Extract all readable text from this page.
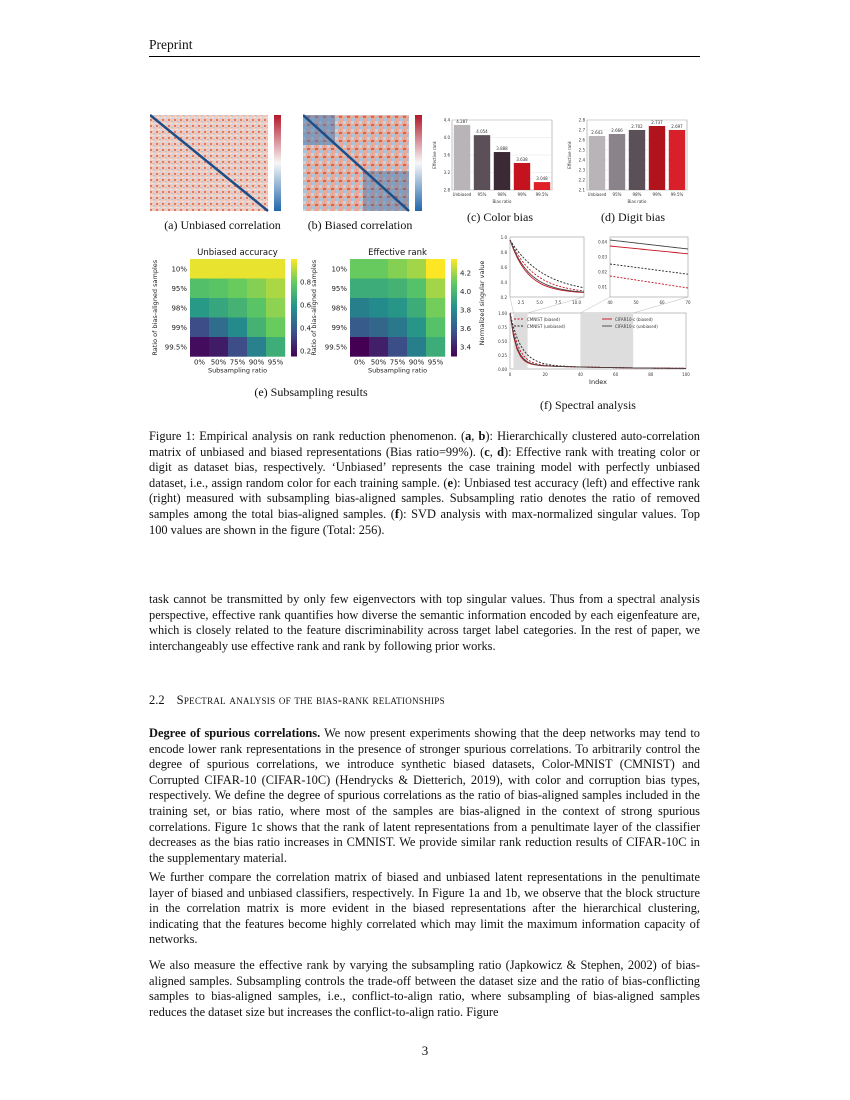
Preprint
2.8
3.2
3.6
4.0
4.4 4.287
Unbiased
4.054
95%
3.888
98%
3.638
99%
3.048
99.5%
Bias ratio
Effective rank
2.1
2.2
2.3
2.4
2.5
2.6
2.7
2.8
2.643
Unbiased
2.666
95%
2.702
98%
2.737
99%
2.697
99.5%
Bias ratio
Effective rank
(a) Unbiased correlation	(b) Biased correlation
(c) Color bias	(d) Digit bias
Unbiased accuracy
10%
95%
98%
99%
99.5%
0% 50% 75% 90% 95%
Subsampling ratio
Ratio of bias-aligned samples	0.8
0.6
0.4
0.2
Effective rank
10%
95%
98%
99%
99.5%
0% 50% 75% 90% 95%
Subsampling ratio
Ratio of bias-aligned samples	4.2
4.0
3.8
3.6
3.4
(e) Subsampling results
0.00
0.25
0.50
0.75
1.00
0	20	40	60	80	100
Index
CMNIST (biased)
CMNIST (unbiased)
CIFAR10-c (biased)
CIFAR10-c (unbiased)
1.0
0.8
0.6
0.4
0.2
2.5	5.0	7.5	10.0
0.04
0.03
0.02
0.01
40	50	60	70
Normalized singular value
(f) Spectral analysis
Figure 1: Empirical analysis on rank reduction phenomenon. (a, b): Hierarchically clustered auto-correlation matrix of unbiased and biased representations (Bias ratio=99%). (c, d): Effective rank with treating color or digit as dataset bias, respectively. ‘Unbiased’ represents the case training model with perfectly unbiased dataset, i.e., assign random color for each training sample. (e): Unbiased test accuracy (left) and effective rank (right) measured with subsampling bias-aligned samples. Subsampling ratio denotes the ratio of removed samples among the total bias-aligned samples. (f): SVD analysis with max-normalized singular values. Top 100 values are shown in the figure (Total: 256).
task cannot be transmitted by only few eigenvectors with top singular values. Thus from a spectral analysis perspective, effective rank quantifies how diverse the semantic information encoded by each eigenfeature are, which is closely related to the feature discriminability across target label categories. In the rest of paper, we interchangeably use effective rank and rank by following prior works.
2.2 Spectral analysis of the bias-rank relationships
Degree of spurious correlations. We now present experiments showing that the deep networks may tend to encode lower rank representations in the presence of stronger spurious correlations. To arbitrarily control the degree of spurious correlations, we introduce synthetic biased datasets, Color-MNIST (CMNIST) and Corrupted CIFAR-10 (CIFAR-10C) (Hendrycks & Dietterich, 2019), with color and corruption bias types, respectively. We define the degree of spurious correlations as the ratio of bias-aligned samples included in the training set, or bias ratio, where most of the samples are bias-aligned in the context of strong spurious correlations. Figure 1c shows that the rank of latent representations from a penultimate layer of the classifier decreases as the bias ratio increases in CMNIST. We provide similar rank reduction results of CIFAR-10C in the supplementary material.
We further compare the correlation matrix of biased and unbiased latent representations in the penultimate layer of biased and unbiased classifiers, respectively. In Figure 1a and 1b, we observe that the block structure in the correlation matrix is more evident in the biased representations after the hierarchical clustering, indicating that the features become highly correlated which may limit the maximum information capacity of networks.
We also measure the effective rank by varying the subsampling ratio (Japkowicz & Stephen, 2002) of bias-aligned samples. Subsampling controls the trade-off between the dataset size and the ratio of bias-conflicting samples to bias-aligned samples, i.e., conflict-to-align ratio, where subsampling of bias-aligned samples reduces the dataset size but increases the conflict-to-align ratio. Figure
3
